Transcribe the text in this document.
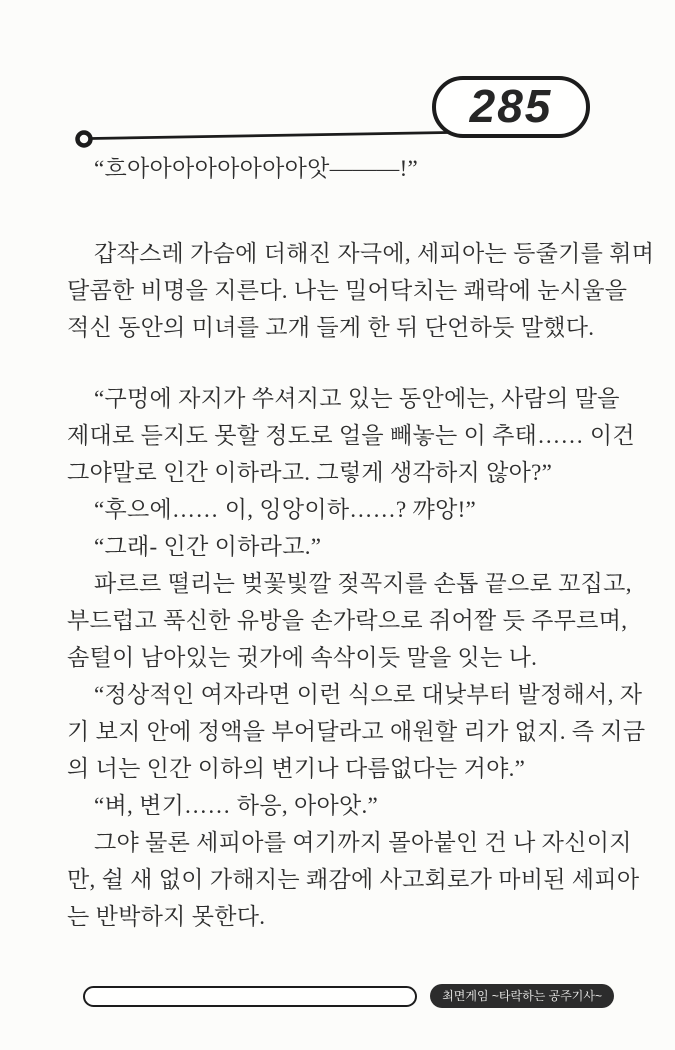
285
“흐아아아아아아아아앗———!”
갑작스레 가슴에 더해진 자극에, 세피아는 등줄기를 휘며
달콤한 비명을 지른다. 나는 밀어닥치는 쾌락에 눈시울을
적신 동안의 미녀를 고개 들게 한 뒤 단언하듯 말했다.
“구멍에 자지가 쑤셔지고 있는 동안에는, 사람의 말을
제대로 듣지도 못할 정도로 얼을 빼놓는 이 추태…… 이건
그야말로 인간 이하라고. 그렇게 생각하지 않아?”
“후으에…… 이, 잉앙이하……? 꺄앙!”
“그래- 인간 이하라고.”
파르르 떨리는 벚꽃빛깔 젖꼭지를 손톱 끝으로 꼬집고,
부드럽고 푹신한 유방을 손가락으로 쥐어짤 듯 주무르며,
솜털이 남아있는 귓가에 속삭이듯 말을 잇는 나.
“정상적인 여자라면 이런 식으로 대낮부터 발정해서, 자
기 보지 안에 정액을 부어달라고 애원할 리가 없지. 즉 지금
의 너는 인간 이하의 변기나 다름없다는 거야.”
“벼, 변기…… 하응, 아아앗.”
그야 물론 세피아를 여기까지 몰아붙인 건 나 자신이지
만, 쉴 새 없이 가해지는 쾌감에 사고회로가 마비된 세피아
는 반박하지 못한다.
최면게임 ~타락하는 공주기사~
